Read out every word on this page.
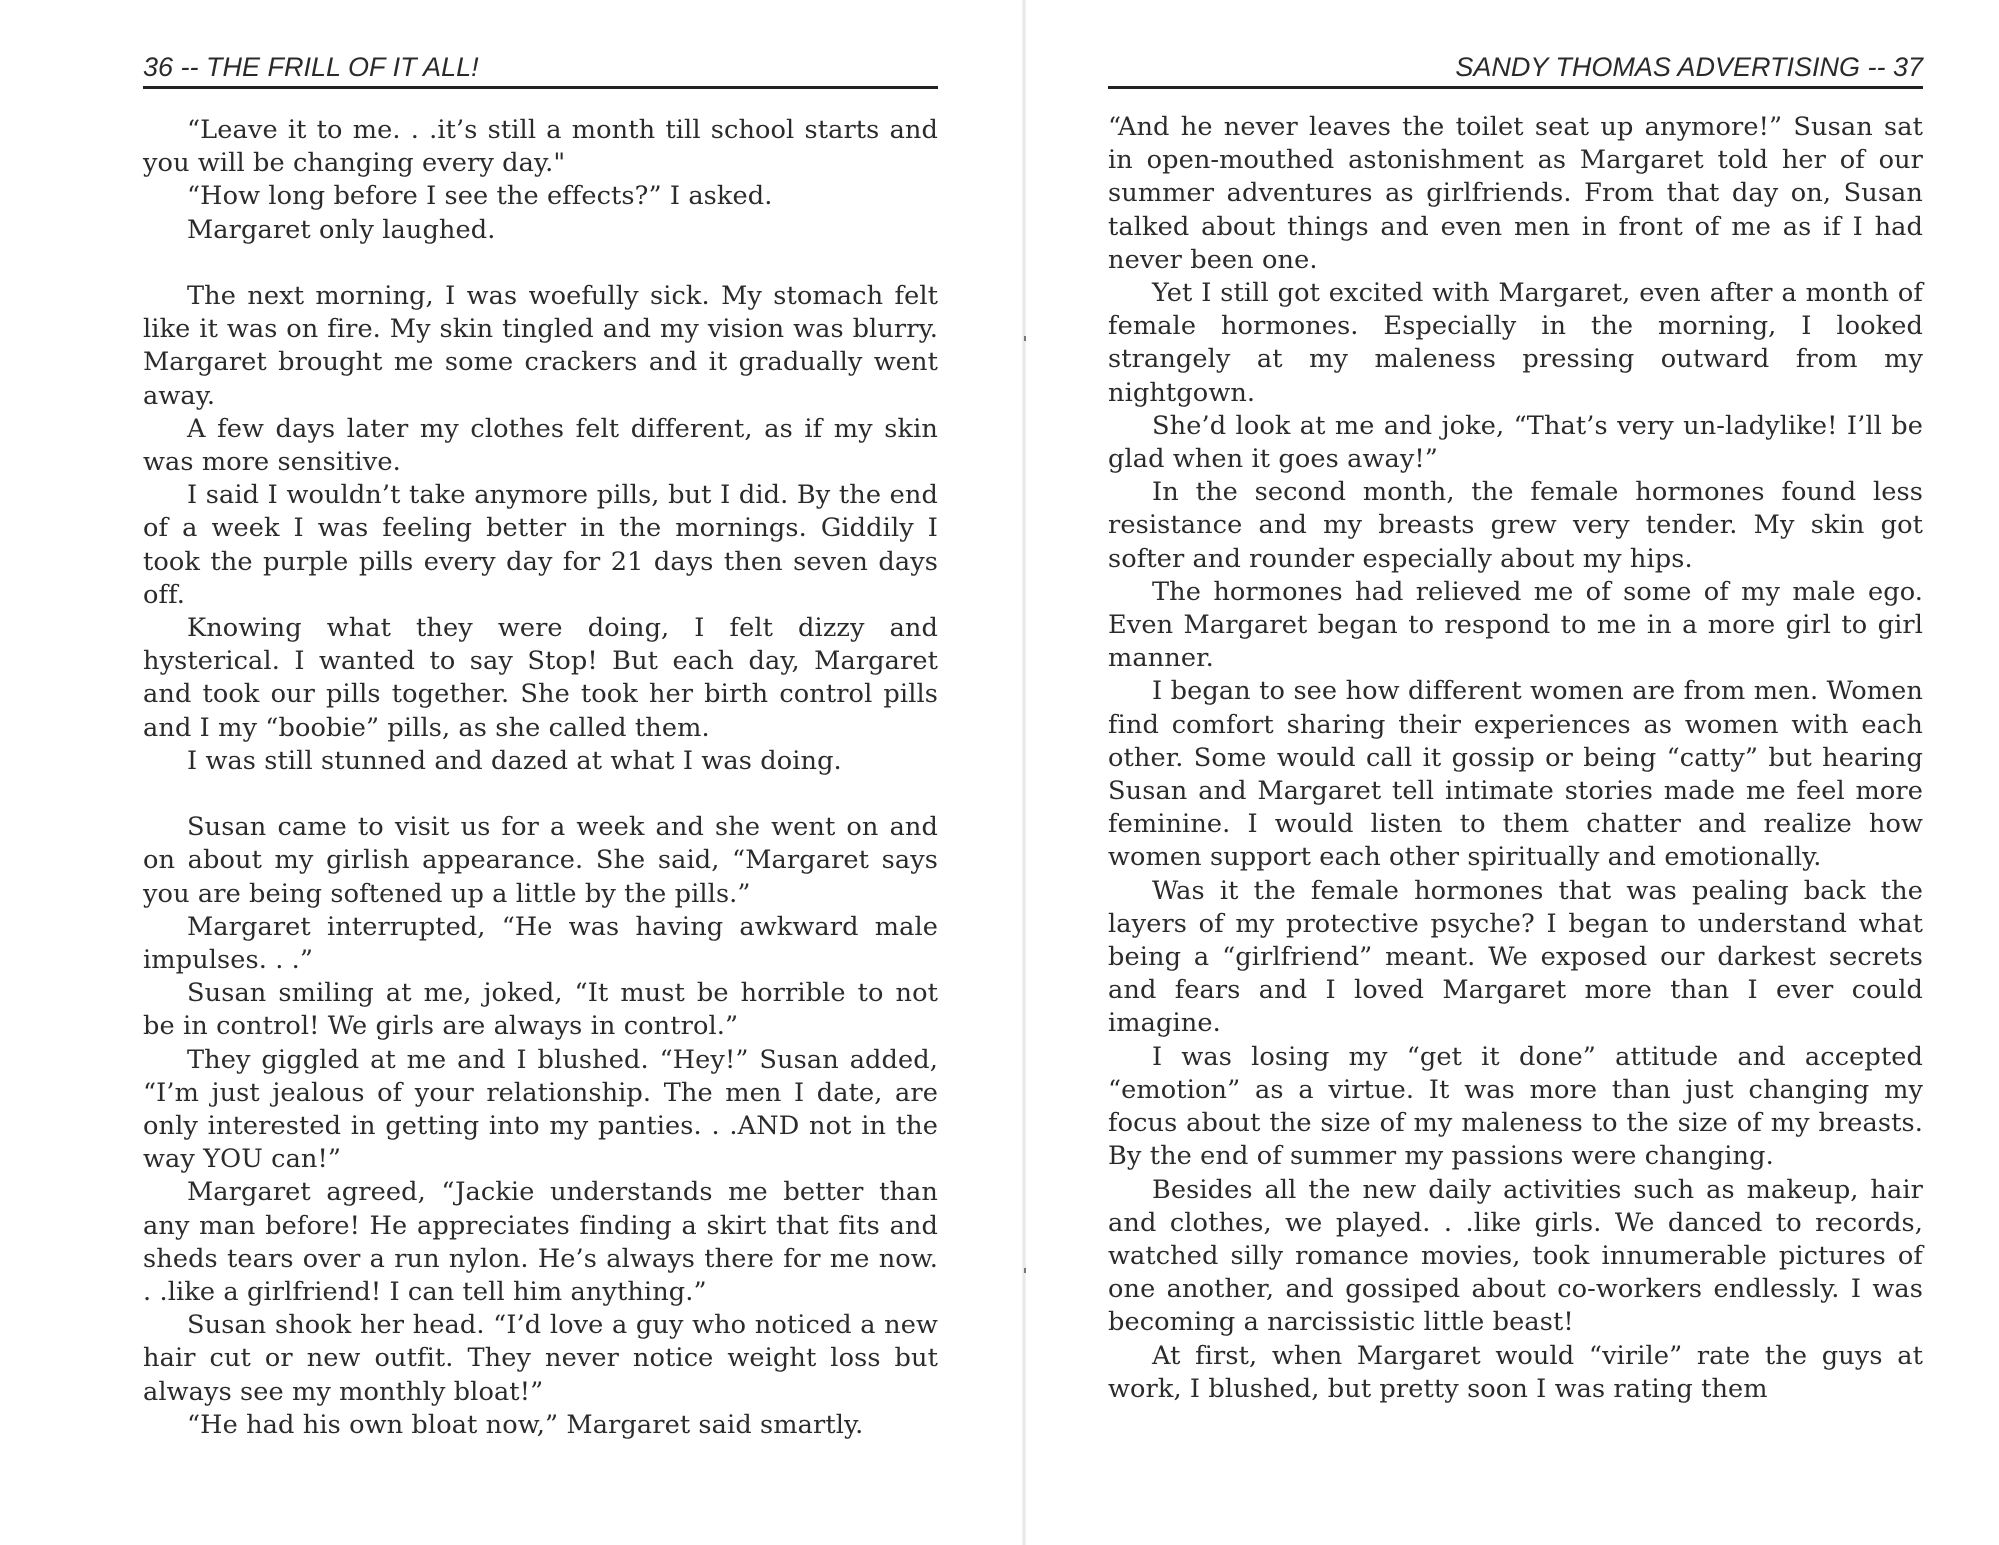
36 -- THE FRILL OF IT ALL!

“Leave it to me. . .it’s still a month till school starts and you will be changing every day."

“How long before I see the effects?” I asked.

Margaret only laughed.

The next morning, I was woefully sick. My stomach felt like it was on fire. My skin tingled and my vision was blurry. Margaret brought me some crackers and it gradually went away.

A few days later my clothes felt different, as if my skin was more sensitive.

I said I wouldn’t take anymore pills, but I did. By the end of a week I was feeling better in the mornings. Giddily I took the purple pills every day for 21 days then seven days off.

Knowing what they were doing, I felt dizzy and hysterical. I wanted to say Stop! But each day, Margaret and took our pills together. She took her birth control pills and I my “boobie” pills, as she called them.

I was still stunned and dazed at what I was doing.

Susan came to visit us for a week and she went on and on about my girlish appearance. She said, “Margaret says you are being softened up a little by the pills.”

Margaret interrupted, “He was having awkward male impulses. . .”

Susan smiling at me, joked, “It must be horrible to not be in control! We girls are always in control.”

They giggled at me and I blushed. “Hey!” Susan added, “I’m just jealous of your relationship. The men I date, are only interested in getting into my panties. . .AND not in the way YOU can!”

Margaret agreed, “Jackie understands me better than any man before! He appreciates finding a skirt that fits and sheds tears over a run nylon. He’s always there for me now. . .like a girlfriend! I can tell him anything.”

Susan shook her head. “I’d love a guy who noticed a new hair cut or new outfit. They never notice weight loss but always see my monthly bloat!”

“He had his own bloat now,” Margaret said smartly.

SANDY THOMAS ADVERTISING -- 37

“And he never leaves the toilet seat up anymore!” Susan sat in open-mouthed astonishment as Margaret told her of our summer adventures as girlfriends. From that day on, Susan talked about things and even men in front of me as if I had never been one.

Yet I still got excited with Margaret, even after a month of female hormones. Especially in the morning, I looked strangely at my maleness pressing outward from my nightgown.

She’d look at me and joke, “That’s very un-ladylike! I’ll be glad when it goes away!”

In the second month, the female hormones found less resistance and my breasts grew very tender. My skin got softer and rounder especially about my hips.

The hormones had relieved me of some of my male ego. Even Margaret began to respond to me in a more girl to girl manner.

I began to see how different women are from men. Women find comfort sharing their experiences as women with each other. Some would call it gossip or being “catty” but hearing Susan and Margaret tell intimate stories made me feel more feminine. I would listen to them chatter and realize how women support each other spiritually and emotionally.

Was it the female hormones that was pealing back the layers of my protective psyche? I began to understand what being a “girlfriend” meant. We exposed our darkest secrets and fears and I loved Margaret more than I ever could imagine.

I was losing my “get it done” attitude and accepted “emotion” as a virtue. It was more than just changing my focus about the size of my maleness to the size of my breasts. By the end of summer my passions were changing.

Besides all the new daily activities such as makeup, hair and clothes, we played. . .like girls. We danced to records, watched silly romance movies, took innumerable pictures of one another, and gossiped about co-workers endlessly. I was becoming a narcissistic little beast!

At first, when Margaret would “virile” rate the guys at work, I blushed, but pretty soon I was rating them
